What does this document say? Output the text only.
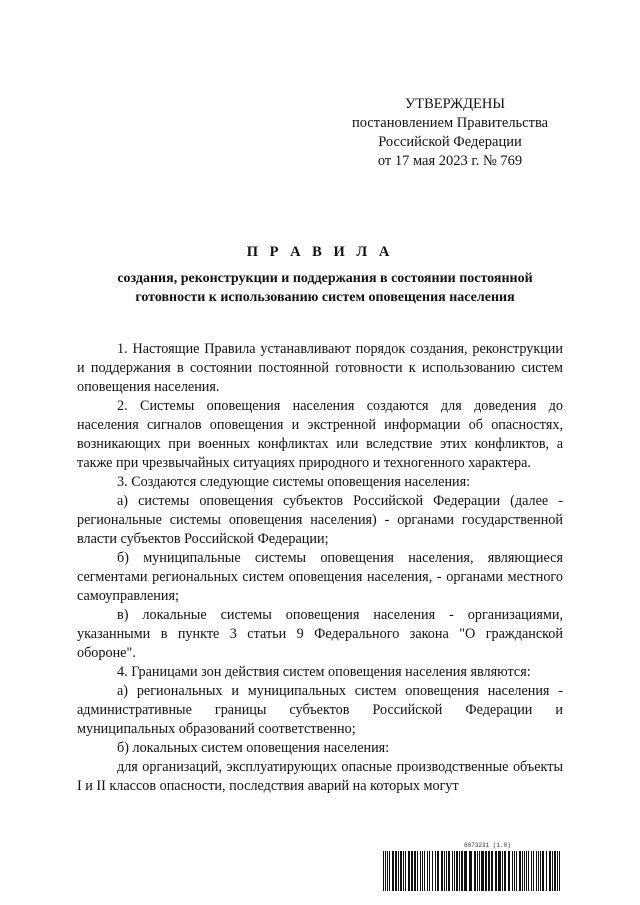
УТВЕРЖДЕНЫ
постановлением Правительства
Российской Федерации
от 17 мая 2023 г. № 769
П Р А В И Л А
создания, реконструкции и поддержания в состоянии постоянной
готовности к использованию систем оповещения населения

1. Настоящие Правила устанавливают порядок создания, реконструкции и поддержания в состоянии постоянной готовности к использованию систем оповещения населения.

2. Системы оповещения населения создаются для доведения до населения сигналов оповещения и экстренной информации об опасностях, возникающих при военных конфликтах или вследствие этих конфликтов, а также при чрезвычайных ситуациях природного и техногенного характера.

3. Создаются следующие системы оповещения населения:

а) системы оповещения субъектов Российской Федерации (далее - региональные системы оповещения населения) - органами государственной власти субъектов Российской Федерации;

б) муниципальные системы оповещения населения, являющиеся сегментами региональных систем оповещения населения, - органами местного самоуправления;

в) локальные системы оповещения населения - организациями, указанными в пункте 3 статьи 9 Федерального закона "О гражданской обороне".

4. Границами зон действия систем оповещения населения являются:

а) региональных и муниципальных систем оповещения населения - административные границы субъектов Российской Федерации и муниципальных образований соответственно;

б) локальных систем оповещения населения:

для организаций, эксплуатирующих опасные производственные объекты I и II классов опасности, последствия аварий на которых могут

6073231 (1.0)
